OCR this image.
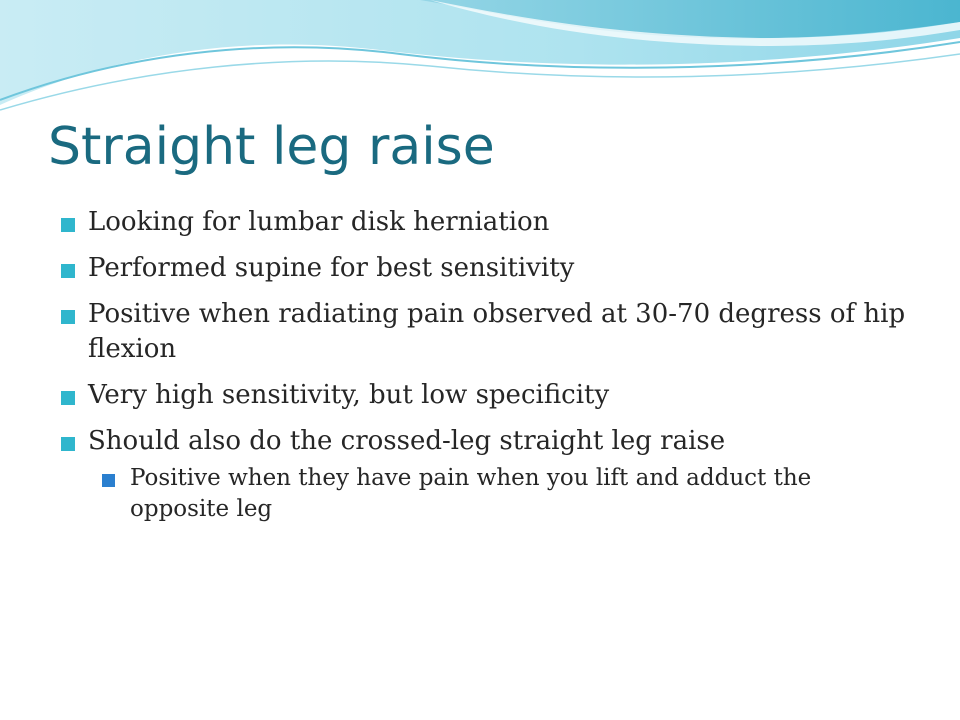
Straight leg raise
Looking for lumbar disk herniation
Performed supine for best sensitivity
Positive when radiating pain observed at 30-70 degress of hip flexion
Very high sensitivity, but low specificity
Should also do the crossed-leg straight leg raise
Positive when they have pain when you lift and adduct the opposite leg
